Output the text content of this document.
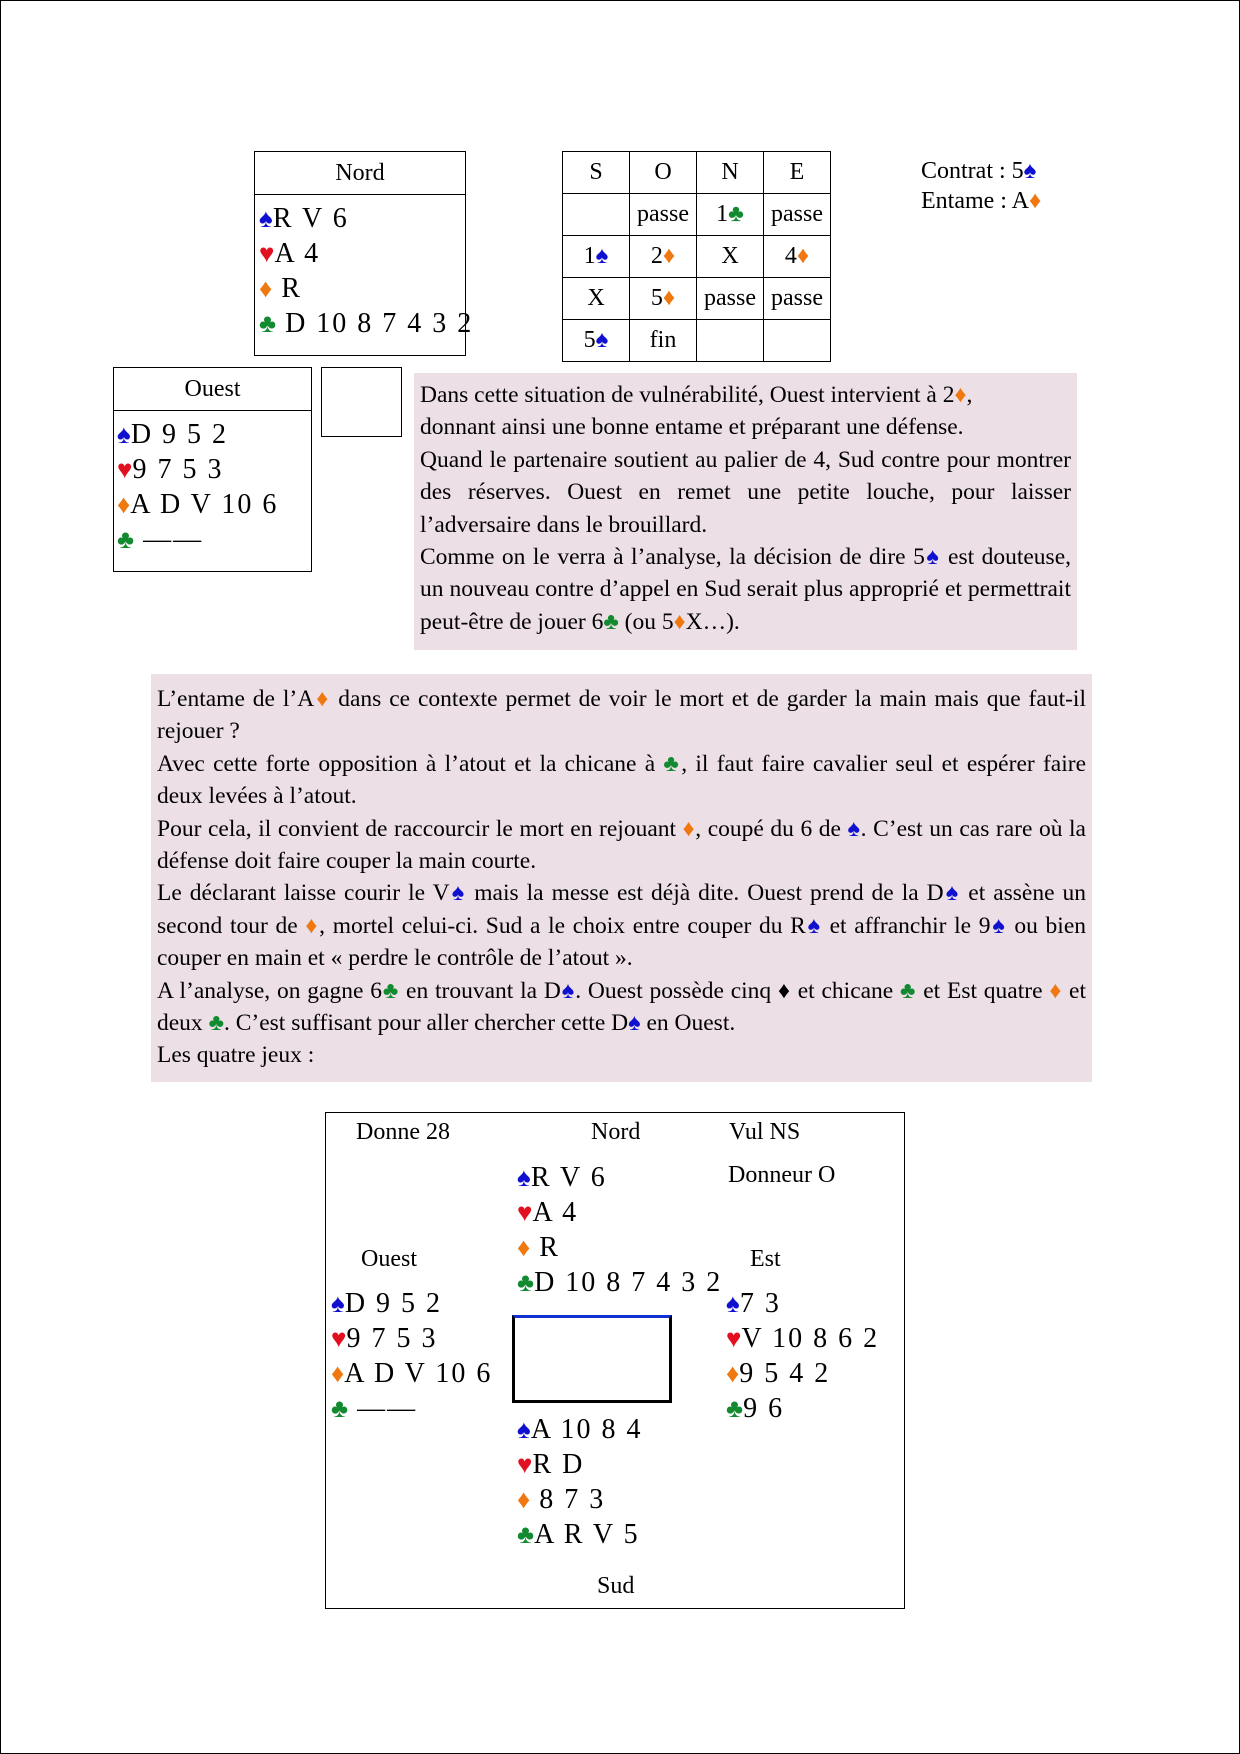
Nord
♠R V 6
♥A 4
♦ R
♣ D 10 8 7 4 3 2
S	O	N	E
	passe	1♣	passe
1♠	2♦	X	4♦
X	5♦	passe	passe
5♠	fin		
Contrat : 5♠
Entame : A♦
Ouest
♠D 9 5 2
♥9 7 5 3
♦A D V 10 6
♣ ——

Dans cette situation de vulnérabilité, Ouest intervient à 2♦,
donnant ainsi une bonne entame et préparant une défense.
Quand le partenaire soutient au palier de 4, Sud contre pour montrer des réserves. Ouest en remet une petite louche, pour laisser l’adversaire dans le brouillard.
Comme on le verra à l’analyse, la décision de dire 5♠ est douteuse, un nouveau contre d’appel en Sud serait plus approprié et permettrait peut-être de jouer 6♣ (ou 5♦X…).

L’entame de l’A♦ dans ce contexte permet de voir le mort et de garder la main mais que faut-il rejouer ?

Avec cette forte opposition à l’atout et la chicane à ♣, il faut faire cavalier seul et espérer faire deux levées à l’atout.

Pour cela, il convient de raccourcir le mort en rejouant ♦, coupé du 6 de ♠. C’est un cas rare où la défense doit faire couper la main courte.

Le déclarant laisse courir le V♠ mais la messe est déjà dite. Ouest prend de la D♠ et assène un second tour de ♦, mortel celui-ci. Sud a le choix entre couper du R♠ et affranchir le 9♠ ou bien couper en main et « perdre le contrôle de l’atout ».

A l’analyse, on gagne 6♣ en trouvant la D♠. Ouest possède cinq ♦ et chicane ♣ et Est quatre ♦ et deux ♣. C’est suffisant pour aller chercher cette D♠ en Ouest.

Les quatre jeux :

Donne 28	Nord	Vul NS
Donneur O
♠R V 6
♥A 4
♦ R
♣D 10 8 7 4 3 2
Ouest
♠D 9 5 2
♥9 7 5 3
♦A D V 10 6
♣ ——
Est
♠7 3
♥V 10 8 6 2
♦9 5 4 2
♣9 6
♠A 10 8 4
♥R D
♦ 8 7 3
♣A R V 5
Sud
